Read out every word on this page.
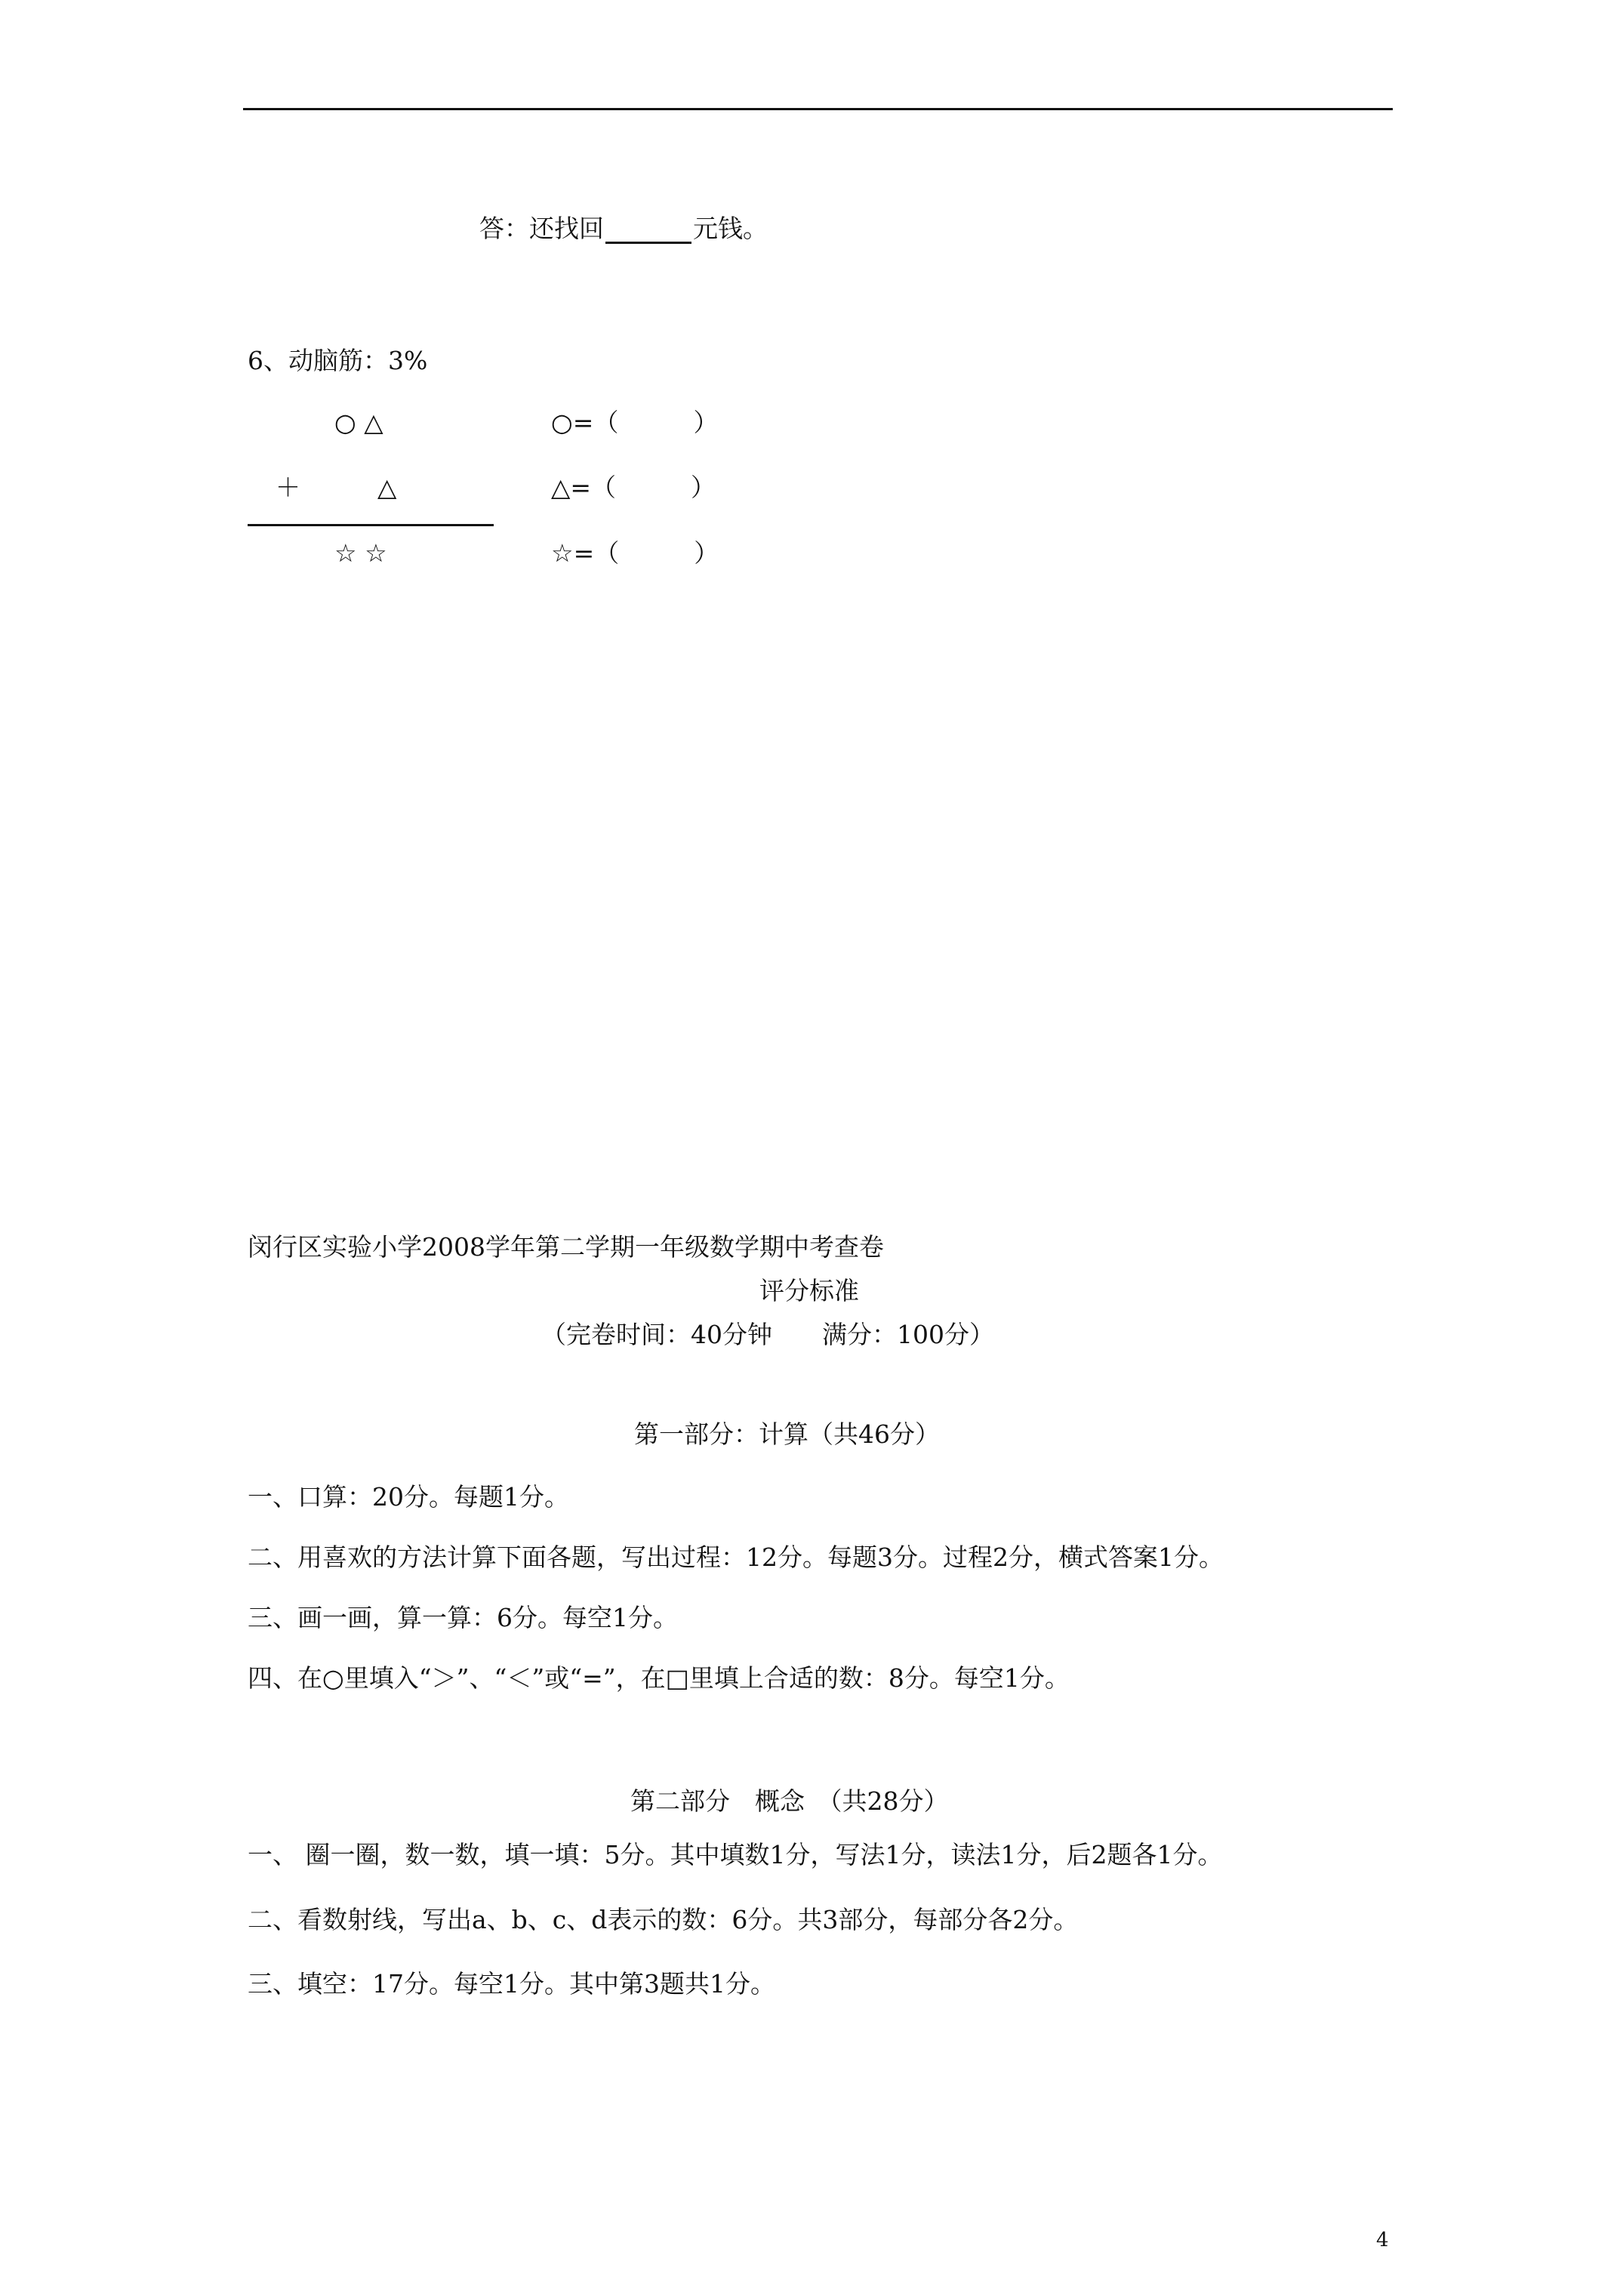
答：还找回	元钱。
6、动脑筋：3%
○ △
＋	△
☆ ☆
○=（　　　）
△=（　　　）
☆=（　　　）
闵行区实验小学2008学年第二学期一年级数学期中考查卷
评分标准
（完卷时间：40分钟　　满分：100分）
第一部分：计算（共46分）
一、口算：20分。每题1分。
二、用喜欢的方法计算下面各题，写出过程：12分。每题3分。过程2分，横式答案1分。
三、画一画，算一算：6分。每空1分。
四、在○里填入“＞”、“＜”或“=”，在□里填上合适的数：8分。每空1分。
第二部分　概念　（共28分）
一、 圈一圈，数一数，填一填：5分。其中填数1分，写法1分，读法1分，后2题各1分。
二、看数射线，写出a、b、c、d表示的数：6分。共3部分，每部分各2分。
三、填空：17分。每空1分。其中第3题共1分。
4
